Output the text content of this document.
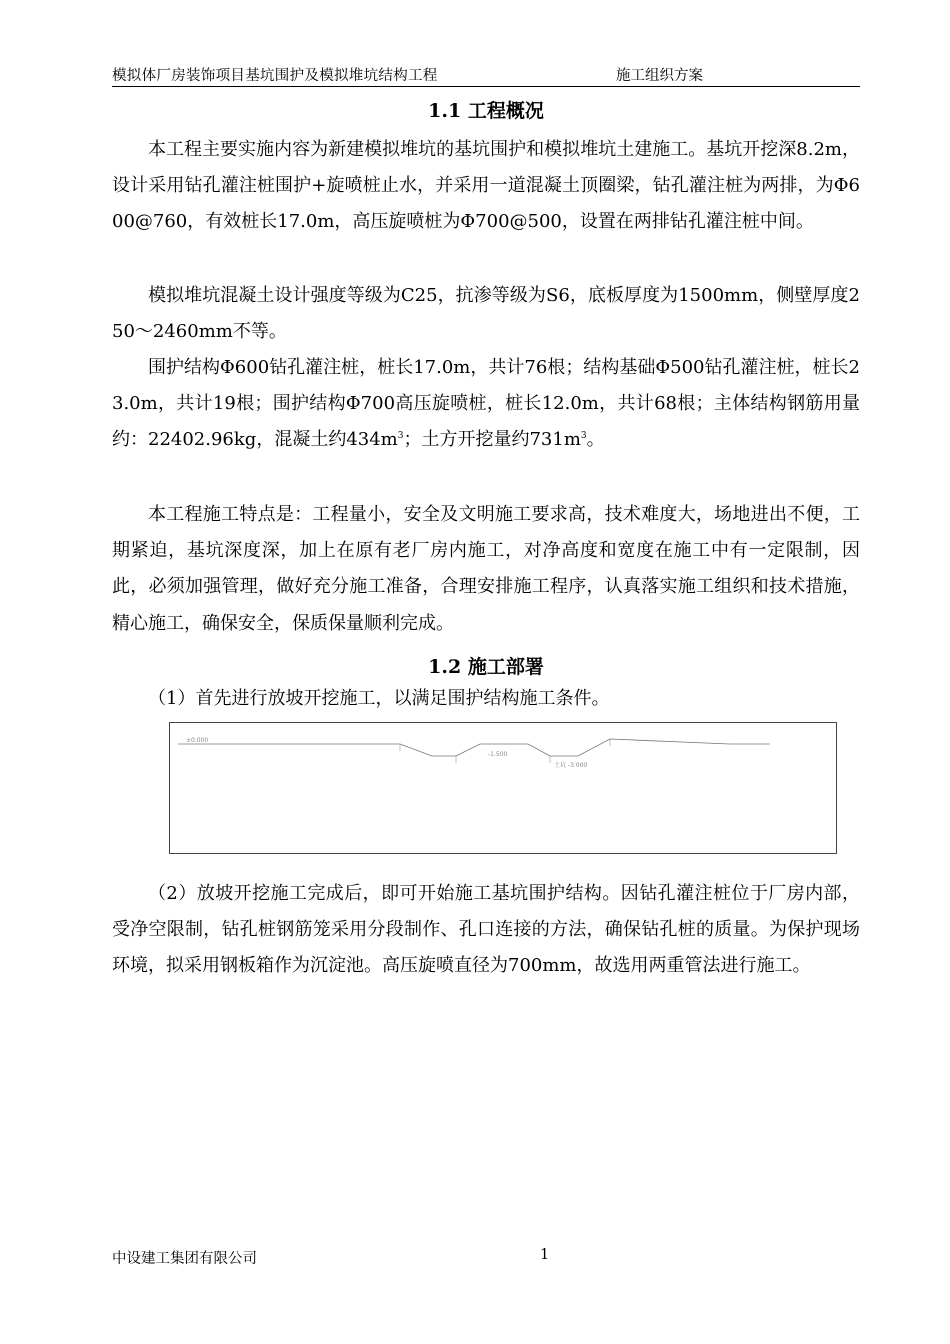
模拟体厂房装饰项目基坑围护及模拟堆坑结构工程	施工组织方案
1.1 工程概况

本工程主要实施内容为新建模拟堆坑的基坑围护和模拟堆坑土建施工。基坑开挖深8.2m，设计采用钻孔灌注桩围护+旋喷桩止水，并采用一道混凝土顶圈梁，钻孔灌注桩为两排，为Φ600@760，有效桩长17.0m，高压旋喷桩为Φ700@500，设置在两排钻孔灌注桩中间。

模拟堆坑混凝土设计强度等级为C25，抗渗等级为S6，底板厚度为1500mm，侧壁厚度250～2460mm不等。

围护结构Φ600钻孔灌注桩，桩长17.0m，共计76根；结构基础Φ500钻孔灌注桩，桩长23.0m，共计19根；围护结构Φ700高压旋喷桩，桩长12.0m，共计68根；主体结构钢筋用量约：22402.96kg，混凝土约$434m^3$；土方开挖量约$731m^3$。

本工程施工特点是：工程量小，安全及文明施工要求高，技术难度大，场地进出不便，工期紧迫，基坑深度深，加上在原有老厂房内施工，对净高度和宽度在施工中有一定限制，因此，必须加强管理，做好充分施工准备，合理安排施工程序，认真落实施工组织和技术措施，精心施工，确保安全，保质保量顺利完成。

1.2 施工部署

（1）首先进行放坡开挖施工，以满足围护结构施工条件。

±0.000
-1.500
土坑 -3.000

（2）放坡开挖施工完成后，即可开始施工基坑围护结构。因钻孔灌注桩位于厂房内部，受净空限制，钻孔桩钢筋笼采用分段制作、孔口连接的方法，确保钻孔桩的质量。为保护现场环境，拟采用钢板箱作为沉淀池。高压旋喷直径为700mm，故选用两重管法进行施工。

中设建工集团有限公司	1
